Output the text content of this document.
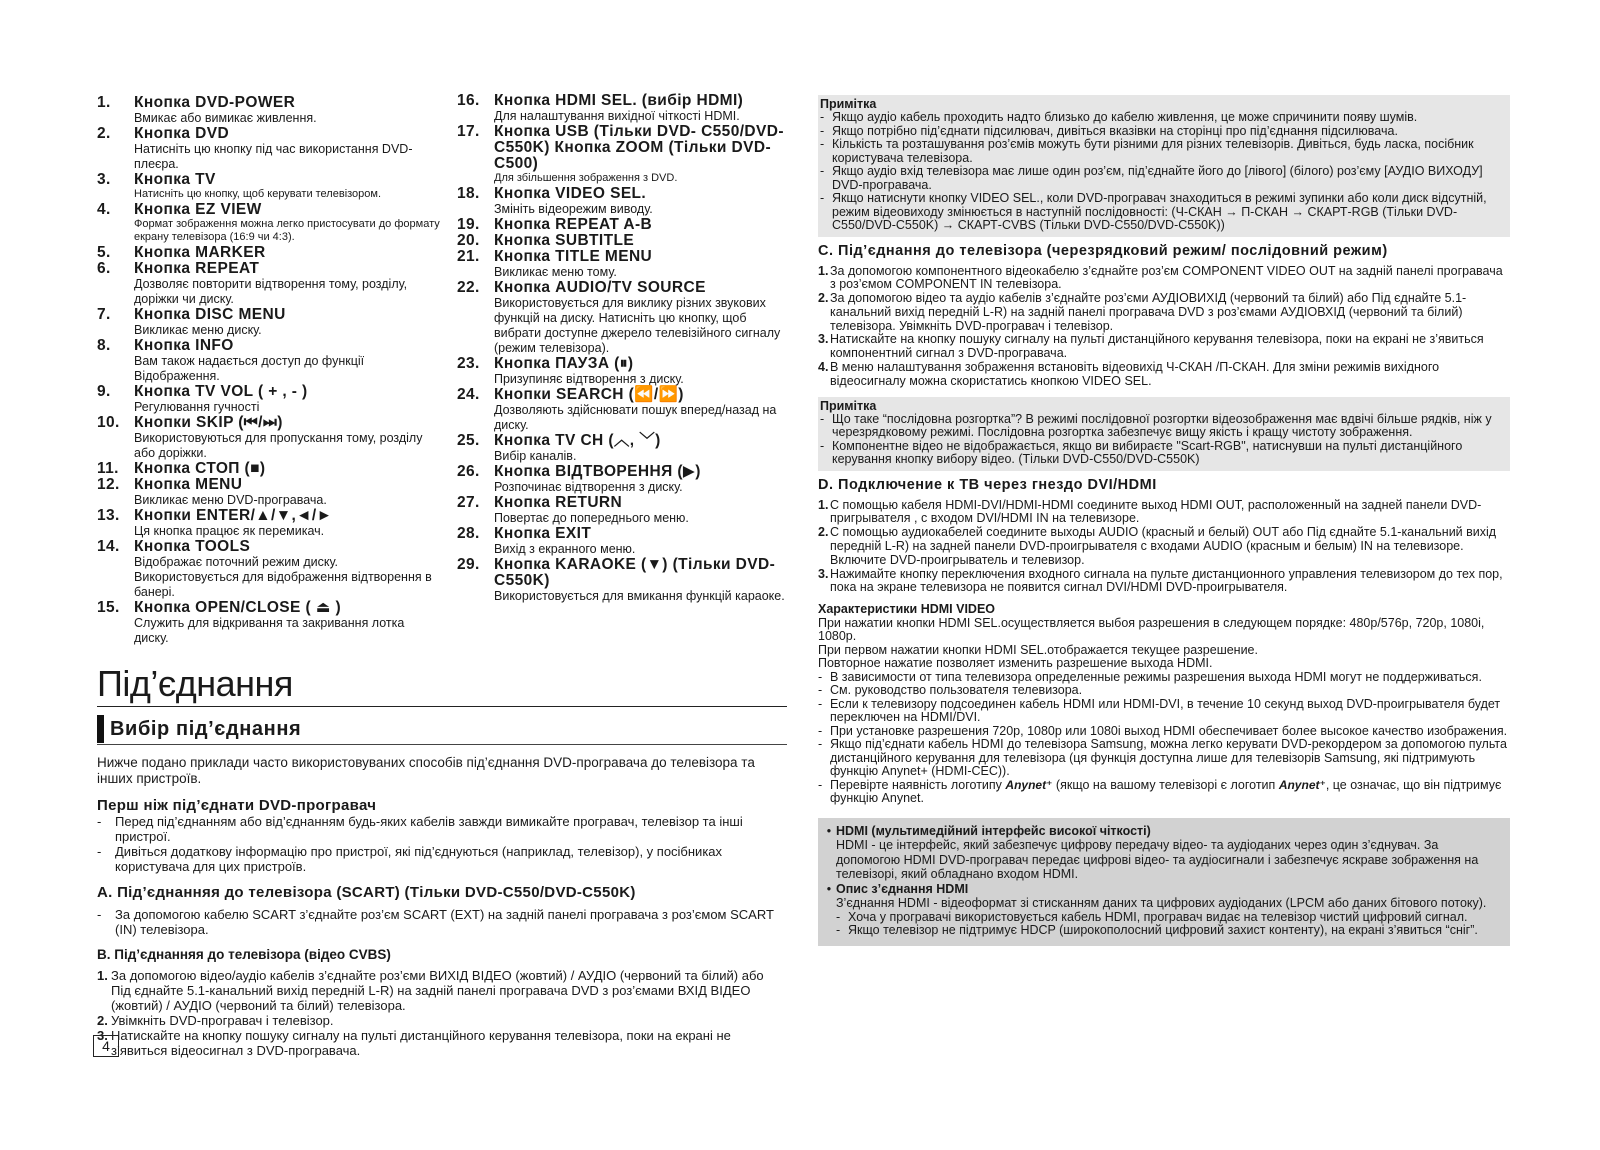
1.	Кнопка DVD-POWER
Вмикає або вимикає живлення.
2.	Кнопка DVD
Натисніть цю кнопку під час використання DVD-плеєра.
3.	Кнопка TV
Натисніть цю кнопку, щоб керувати телевізором.
4.	Кнопка EZ VIEW
Формат зображення можна легко пристосувати до формату екрану телевізора (16:9 чи 4:3).
5.	Кнопка MARKER
6.	Кнопка REPEAT
Дозволяє повторити відтворення тому, розділу, доріжки чи диску.
7.	Кнопка DISC MENU
Викликає меню диску.
8.	Кнопка INFO
Вам також надається доступ до функції Відображення.
9.	Кнопка TV VOL ( + , - )
Регулювання гучності
10. Кнопки SKIP (⏮/⏭)
Використовуються для пропускання тому, розділу або доріжки.
11. Кнопка СТОП (■)
12. Кнопка MENU
Викликає меню DVD-програвача.
13. Кнопки ENTER/▲/▼,◄/►
Ця кнопка працює як перемикач.
14. Кнопка TOOLS
Відображає поточний режим диску. Використовується для відображення відтворення в банері.
15. Кнопка OPEN/CLOSE ( ⏏ )
Служить для відкривання та закривання лотка диску.
16. Кнопка HDMI SEL. (вибір HDMI)
Для налаштування вихідної чіткості HDMI.
17. Кнопка USB (Тільки DVD- C550/DVD-C550K) Кнопка ZOOM (Тільки DVD-C500)
Для збільшення зображення з DVD.
18. Кнопка VIDEO SEL.
Змініть відеорежим виводу.
19. Кнопка REPEAT A-B
20. Кнопка SUBTITLE
21. Кнопка TITLE MENU
Викликає меню тому.
22. Кнопка AUDIO/TV SOURCE
Використовується для виклику різних звукових функцій на диску. Натисніть цю кнопку, щоб вибрати доступне джерело телевізійного сигналу (режим телевізора).
23. Кнопка ПАУЗА (⏸)
Призупиняє відтворення з диску.
24. Кнопки SEARCH (⏪/⏩)
Дозволяють здійснювати пошук вперед/назад на диску.
25. Кнопка TV CH (︿, ﹀)
Вибір каналів.
26. Кнопка ВІДТВОРЕННЯ (▶)
Розпочинає відтворення з диску.
27. Кнопка RETURN
Повертає до попереднього меню.
28. Кнопка EXIT
Вихід з екранного меню.
29. Кнопка KARAOKE (▼) (Тільки DVD-C550K)
Використовується для вмикання функцій караоке.
Під’єднання
Вибір під’єднання

Нижче подано приклади часто використовуваних способів під’єднання DVD-програвача до телевізора та інших пристроїв.

Перш ніж під’єднати DVD-програвач
-	Перед під’єднанням або від’єднанням будь-яких кабелів завжди вимикайте програвач, телевізор та інші пристрої.
-	Дивіться додаткову інформацію про пристрої, які під’єднуються (наприклад, телевізор), у посібниках користувача для цих пристроїв.
A. Під’єднанняя до телевізора (SCART) (Тільки DVD-C550/DVD-C550K)
-	За допомогою кабелю SCART з’єднайте роз’єм SCART (EXT) на задній панелі програвача з роз’ємом SCART (IN) телевізора.
B. Під’єднанняя до телевізора (відео CVBS)
1. За допомогою відео/аудіо кабелів з’єднайте роз’єми ВИХІД ВІДЕО (жовтий) / АУДІО (червоний та білий) або Під єднайте 5.1-канальний вихід передній L-R) на задній панелі програвача DVD з роз’ємами ВХІД ВІДЕО (жовтий) / АУДІО (червоний та білий) телевізора.
2. Увімкніть DVD-програвач і телевізор.
3. Натискайте на кнопку пошуку сигналу на пульті дистанційного керування телевізора, поки на екрані не з’явиться відеосигнал з DVD-програвача.
4
Примітка
- Якщо аудіо кабель проходить надто близько до кабелю живлення, це може спричинити появу шумів.
- Якщо потрібно під’єднати підсилювач, дивіться вказівки на сторінці про під’єднання підсилювача.
- Кількість та розташування роз’ємів можуть бути різними для різних телевізорів. Дивіться, будь ласка, посібник користувача телевізора.
- Якщо аудіо вхід телевізора має лише один роз’єм, під’єднайте його до [лівого] (білого) роз’єму [АУДІО ВИХОДУ] DVD-програвача.
- Якщо натиснути кнопку VIDEO SEL., коли DVD-програвач знаходиться в режимі зупинки або коли диск відсутній, режим відеовиходу змінюється в наступній послідовності: (Ч-СКАН → П-СКАН → СКАРТ-RGB (Тільки DVD-C550/DVD-C550K) → СКАРТ-CVBS (Тільки DVD-C550/DVD-C550K))
C. Під’єднання до телевізора (черезрядковий режим/ послідовний режим)
1. За допомогою компонентного відеокабелю з’єднайте роз’єм COMPONENT VIDEO OUT на задній панелі програвача з роз’ємом COMPONENT IN телевізора.
2. За допомогою відео та аудіо кабелів з’єднайте роз’єми АУДІОВИХІД (червоний та білий) або Під єднайте 5.1-канальний вихід передній L-R) на задній панелі програвача DVD з роз’ємами АУДІОВХІД (червоний та білий) телевізора. Увімкніть DVD-програвач і телевізор.
3. Натискайте на кнопку пошуку сигналу на пульті дистанційного керування телевізора, поки на екрані не з’явиться компонентний сигнал з DVD-програвача.
4. В меню налаштування зображення встановіть відеовихід Ч-СКАН /П-СКАН. Для зміни режимів вихідного відеосигналу можна скористатись кнопкою VIDEO SEL.
Примітка
- Що таке “послідовна розгортка”? В режимі послідовної розгортки відеозображення має вдвічі більше рядків, ніж у черезрядковому режимі. Послідовна розгортка забезпечує вищу якість і кращу чистоту зображення.
- Компонентне відео не відображається, якщо ви вибираєте "Scart-RGB", натиснувши на пульті дистанційного керування кнопку вибору відео. (Тільки DVD-C550/DVD-C550K)
D. Подключение к ТВ через гнездо DVI/HDMI
1. С помощью кабеля HDMI-DVI/HDMI-HDMI соедините выход HDMI OUT, расположенный на задней панели DVD-пригрывателя , с входом DVI/HDMI IN на телевизоре.
2. С помощью аудиокабелей соедините выходы AUDIO (красный и белый) OUT або Під єднайте 5.1-канальний вихід передній L-R) на задней панели DVD-проигрывателя с входами AUDIO (красным и белым) IN на телевизоре. Включите DVD-проигрыватель и телевизор.
3. Нажимайте кнопку переключения входного сигнала на пульте дистанционного управления телевизором до тех пор, пока на экране телевизора не появится сигнал DVI/HDMI DVD-проигрывателя.
Характеристики HDMI VIDEO
При нажатии кнопки HDMI SEL.осуществляется выбоя разрешения в следующем порядке: 480p/576p, 720p, 1080i, 1080p.
При первом нажатии кнопки HDMI SEL.отображается текущее разрешение.
Повторное нажатие позволяет изменить разрешение выхода HDMI.
- В зависимости от типа телевизора определенные режимы разрешения выхода HDMI могут не поддерживаться.
- См. руководство пользователя телевизора.
- Если к телевизору подсоединен кабель HDMI или HDMI-DVI, в течение 10 секунд выход DVD-проигрывателя будет переключен на HDMI/DVI.
- При установке разрешения 720p, 1080p или 1080i выход HDMI обеспечивает более высокое качество изображения.
- Якщо під’єднати кабель HDMI до телевізора Samsung, можна легко керувати DVD-рекордером за допомогою пульта дистанційного керування для телевізора (ця функція доступна лише для телевізорів Samsung, які підтримують функцію Anynet+ (HDMI-CEC)).
- Перевірте наявність логотипу Anynet⁺ (якщо на вашому телевізорі є логотип Anynet⁺, це означає, що він підтримує функцію Anynet.
• HDMI (мультимедійний інтерфейс високої чіткості)
HDMI - це інтерфейс, який забезпечує цифрову передачу відео- та аудіоданих через один з’єднувач. За допомогою HDMI DVD-програвач передає цифрові відео- та аудіосигнали і забезпечує яскраве зображення на телевізорі, який обладнано входом HDMI.
• Опис з’єднання HDMI
З’єднання HDMI - відеоформат зі стисканням даних та цифрових аудіоданих (LPCM або даних бітового потоку).
- Хоча у програвачі використовується кабель HDMI, програвач видає на телевізор чистий цифровий сигнал.
- Якщо телевізор не підтримує HDCP (широкополосний цифровий захист контенту), на екрані з’явиться “сніг”.
